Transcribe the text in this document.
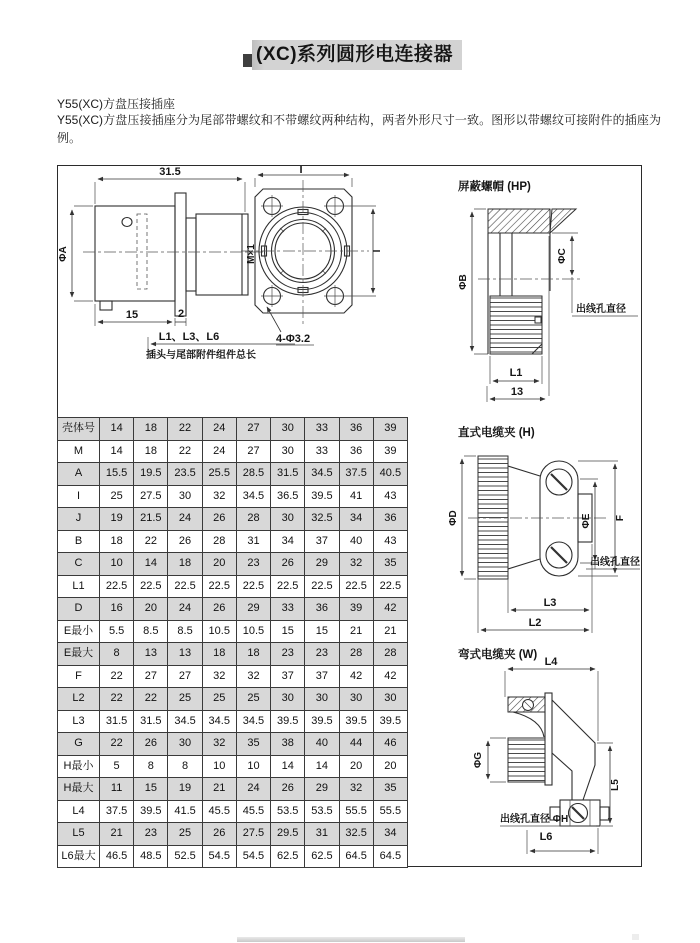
(XC)系列圆形电连接器
Y55(XC)方盘压接插座
Y55(XC)方盘压接插座分为尾部带螺纹和不带螺纹两种结构，两者外形尺寸一致。图形以带螺纹可接附件的插座为例。
31.5
ΦA	M×1
15	2
L1、L3、L6
插头与尾部附件组件总长
I
I
4-Φ3.2
屏蔽螺帽 (HP)
ΦB
ΦC
出线孔直径
L1
13
直式电缆夹 (H)
ΦD	ΦE F
出线孔直径
L3
L2
弯式电缆夹 (W)
L4
ΦG
L5
出线孔直径 ΦH
L6
壳体号	14	18	22	24	27	30	33	36	39
M	14	18	22	24	27	30	33	36	39
A	15.5	19.5	23.5	25.5	28.5	31.5	34.5	37.5	40.5
I	25	27.5	30	32	34.5	36.5	39.5	41	43
J	19	21.5	24	26	28	30	32.5	34	36
B	18	22	26	28	31	34	37	40	43
C	10	14	18	20	23	26	29	32	35
L1	22.5	22.5	22.5	22.5	22.5	22.5	22.5	22.5	22.5
D	16	20	24	26	29	33	36	39	42
E最小	5.5	8.5	8.5	10.5	10.5	15	15	21	21
E最大	8	13	13	18	18	23	23	28	28
F	22	27	27	32	32	37	37	42	42
L2	22	22	25	25	25	30	30	30	30
L3	31.5	31.5	34.5	34.5	34.5	39.5	39.5	39.5	39.5
G	22	26	30	32	35	38	40	44	46
H最小	5	8	8	10	10	14	14	20	20
H最大	11	15	19	21	24	26	29	32	35
L4	37.5	39.5	41.5	45.5	45.5	53.5	53.5	55.5	55.5
L5	21	23	25	26	27.5	29.5	31	32.5	34
L6最大	46.5	48.5	52.5	54.5	54.5	62.5	62.5	64.5	64.5
